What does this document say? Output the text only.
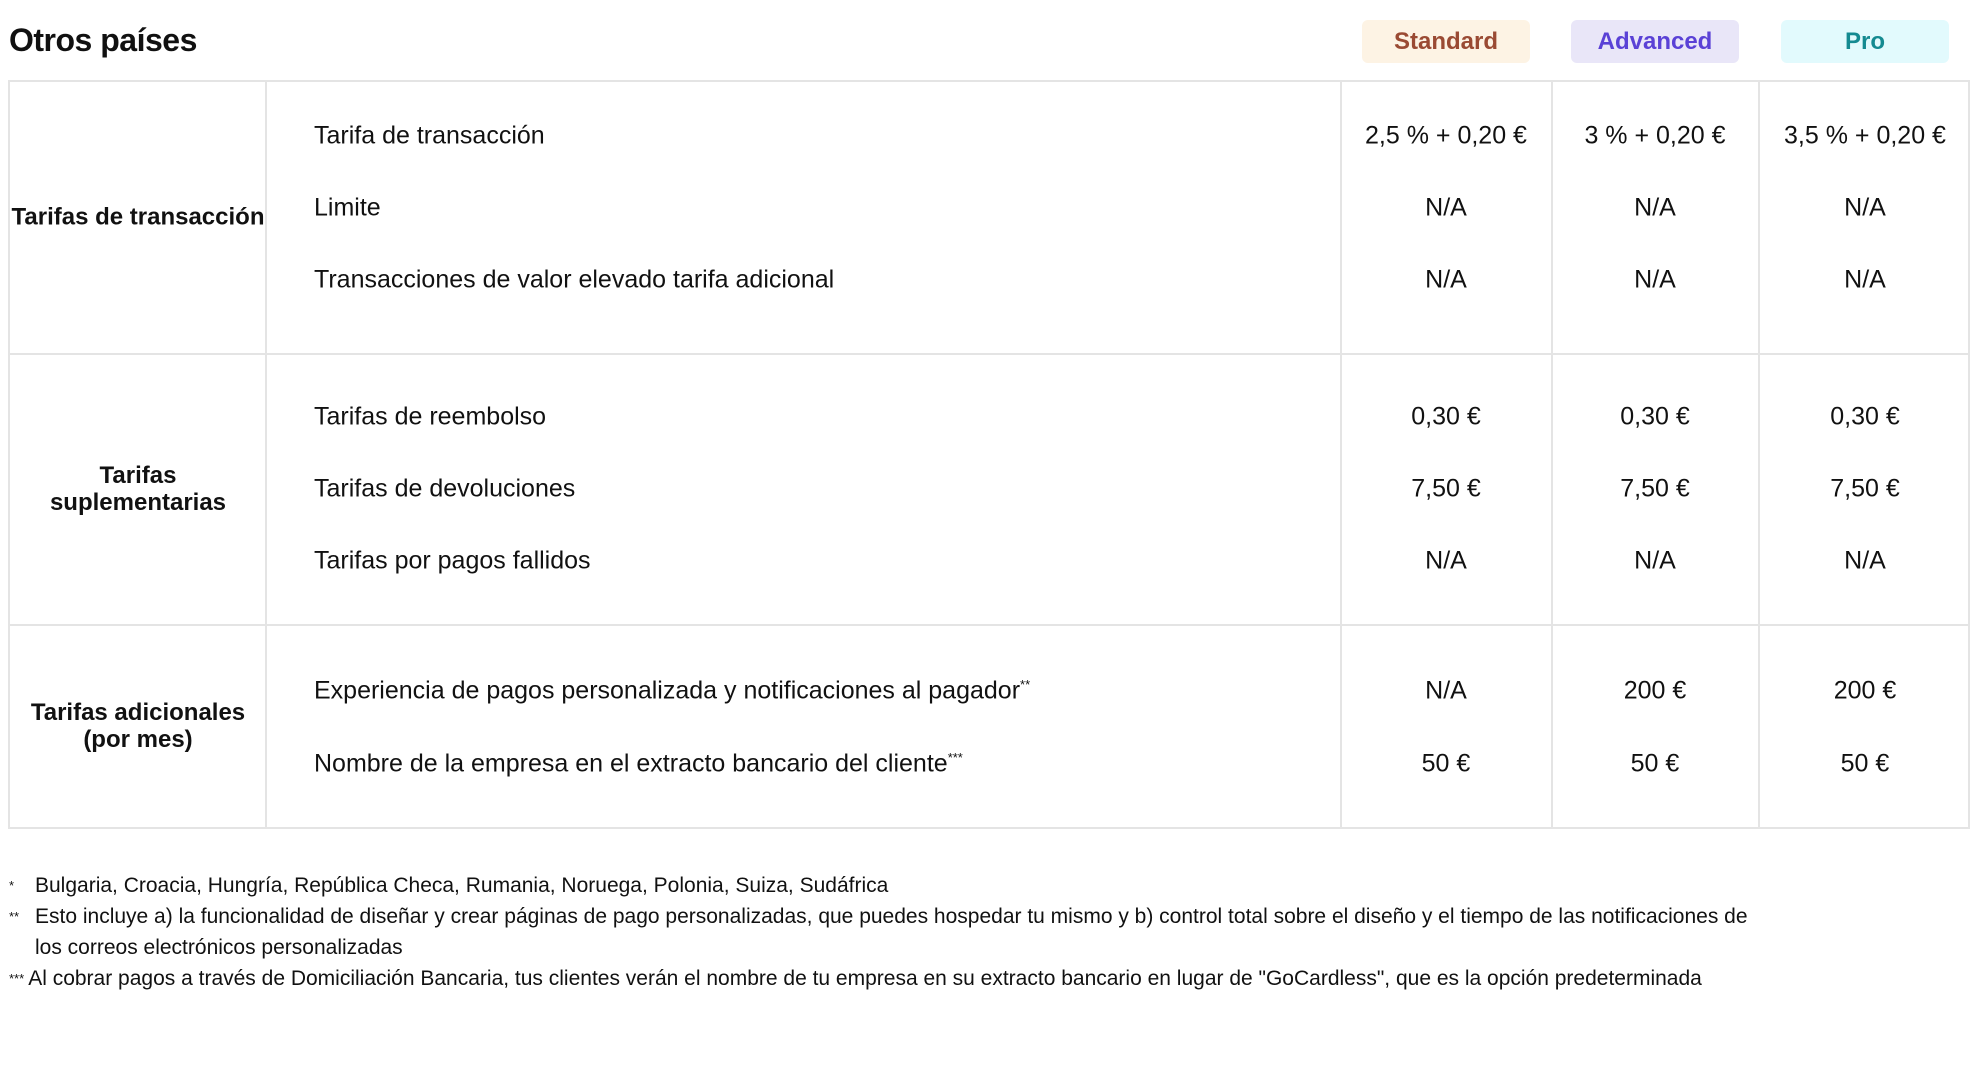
Otros países	Standard	Advanced	Pro
Tarifas de transacción
Tarifa de transacción	2,5 % + 0,20 €	3 % + 0,20 €	3,5 % + 0,20 €
Limite	N/A	N/A	N/A
Transacciones de valor elevado tarifa adicional	N/A	N/A	N/A
Tarifas suplementarias
Tarifas de reembolso	0,30 €	0,30 €	0,30 €
Tarifas de devoluciones	7,50 €	7,50 €	7,50 €
Tarifas por pagos fallidos	N/A	N/A	N/A
Tarifas adicionales (por mes)
Experiencia de pagos personalizada y notificaciones al pagador**	N/A	200 €	200 €
Nombre de la empresa en el extracto bancario del cliente***	50 €	50 €	50 €
* Bulgaria, Croacia, Hungría, República Checa, Rumania, Noruega, Polonia, Suiza, Sudáfrica
** Esto incluye a) la funcionalidad de diseñar y crear páginas de pago personalizadas, que puedes hospedar tu mismo y b) control total sobre el diseño y el tiempo de las notificaciones de los correos electrónicos personalizadas
*** Al cobrar pagos a través de Domiciliación Bancaria, tus clientes verán el nombre de tu empresa en su extracto bancario en lugar de "GoCardless", que es la opción predeterminada
